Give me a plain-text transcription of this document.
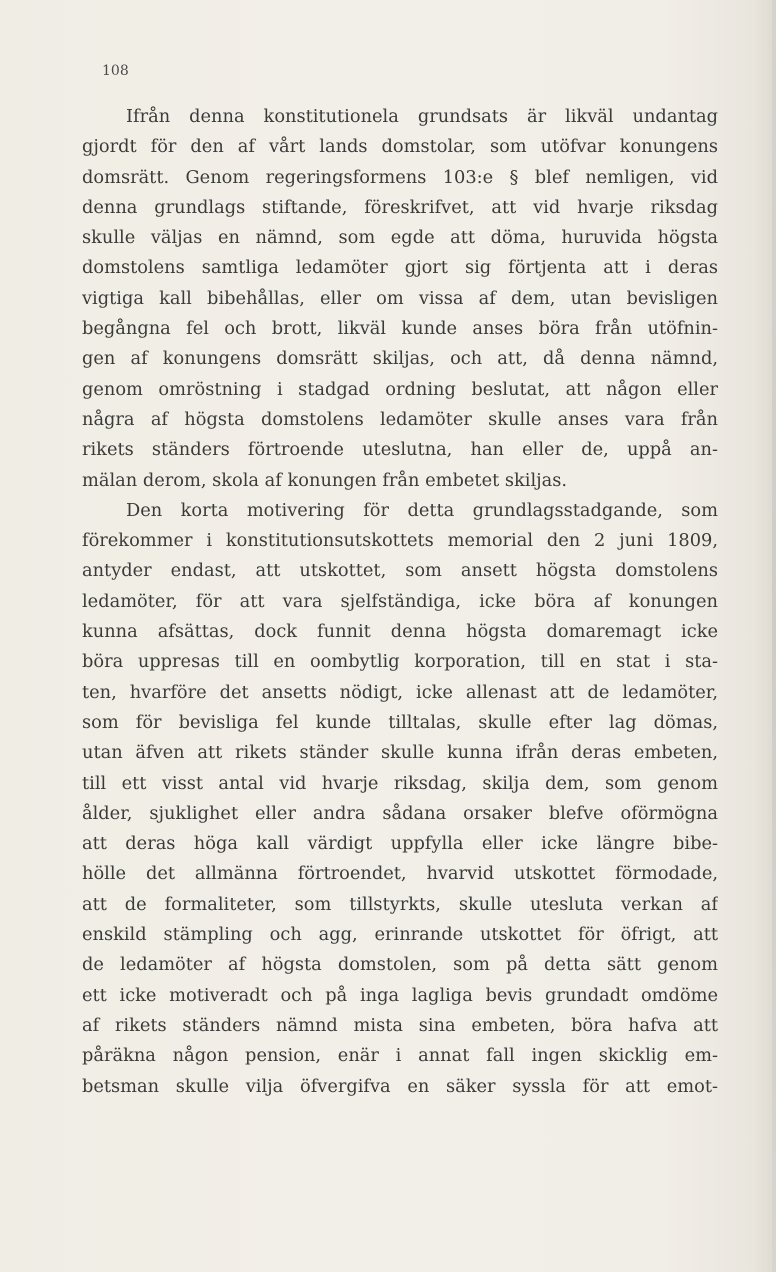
108

Ifrån denna konstitutionela grundsats är likväl undantag
gjordt för den af vårt lands domstolar, som utöfvar konungens
domsrätt. Genom regeringsformens 103:e § blef nemligen, vid
denna grundlags stiftande, föreskrifvet, att vid hvarje riksdag
skulle väljas en nämnd, som egde att döma, huruvida högsta
domstolens samtliga ledamöter gjort sig förtjenta att i deras
vigtiga kall bibehållas, eller om vissa af dem, utan bevisligen
begångna fel och brott, likväl kunde anses böra från utöfnin-
gen af konungens domsrätt skiljas, och att, då denna nämnd,
genom omröstning i stadgad ordning beslutat, att någon eller
några af högsta domstolens ledamöter skulle anses vara från
rikets ständers förtroende uteslutna, han eller de, uppå an-
mälan derom, skola af konungen från embetet skiljas.
Den korta motivering för detta grundlagsstadgande, som
förekommer i konstitutionsutskottets memorial den 2 juni 1809,
antyder endast, att utskottet, som ansett högsta domstolens
ledamöter, för att vara sjelfständiga, icke böra af konungen
kunna afsättas, dock funnit denna högsta domaremagt icke
böra uppresas till en oombytlig korporation, till en stat i sta-
ten, hvarföre det ansetts nödigt, icke allenast att de ledamöter,
som för bevisliga fel kunde tilltalas, skulle efter lag dömas,
utan äfven att rikets ständer skulle kunna ifrån deras embeten,
till ett visst antal vid hvarje riksdag, skilja dem, som genom
ålder, sjuklighet eller andra sådana orsaker blefve oförmögna
att deras höga kall värdigt uppfylla eller icke längre bibe-
hölle det allmänna förtroendet, hvarvid utskottet förmodade,
att de formaliteter, som tillstyrkts, skulle utesluta verkan af
enskild stämpling och agg, erinrande utskottet för öfrigt, att
de ledamöter af högsta domstolen, som på detta sätt genom
ett icke motiveradt och på inga lagliga bevis grundadt omdöme
af rikets ständers nämnd mista sina embeten, böra hafva att
påräkna någon pension, enär i annat fall ingen skicklig em-
betsman skulle vilja öfvergifva en säker syssla för att emot-
